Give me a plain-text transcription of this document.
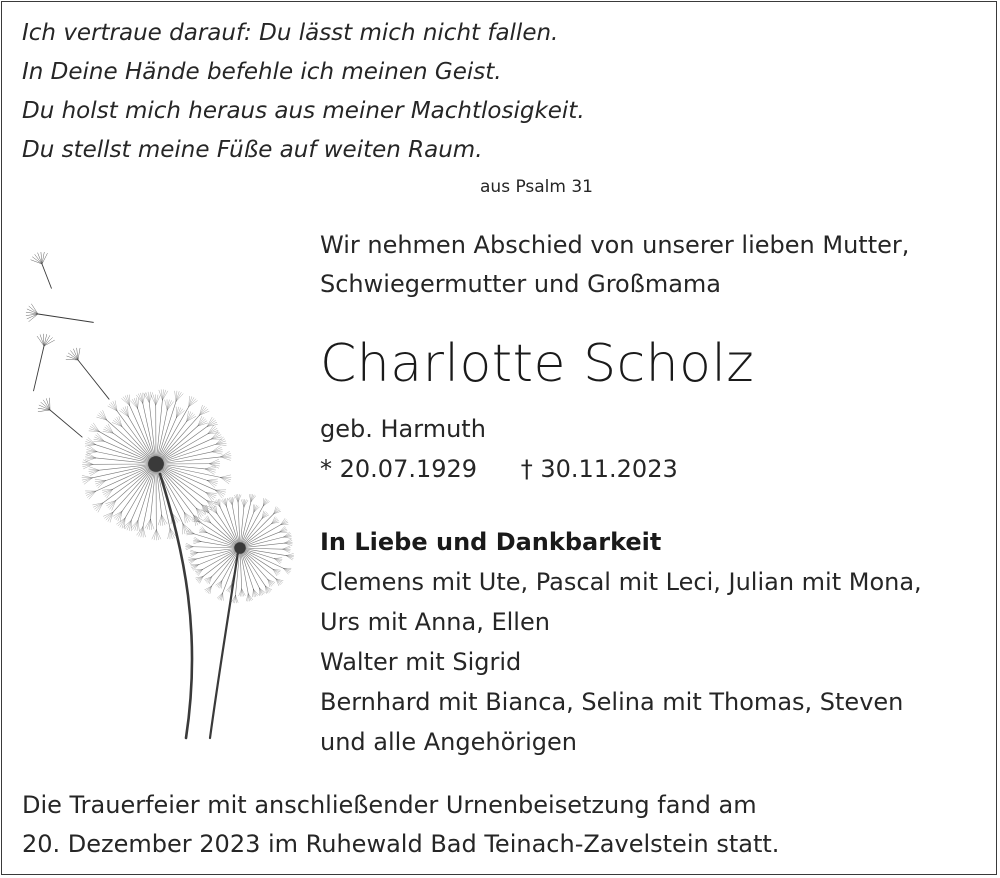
Ich vertraue darauf: Du lässt mich nicht fallen.
In Deine Hände befehle ich meinen Geist.
Du holst mich heraus aus meiner Machtlosigkeit.
Du stellst meine Füße auf weiten Raum.
aus Psalm 31
Wir nehmen Abschied von unserer lieben Mutter,
Schwiegermutter und Großmama
Charlotte Scholz
geb. Harmuth
* 20.07.1929 † 30.11.2023
In Liebe und Dankbarkeit
Clemens mit Ute, Pascal mit Leci, Julian mit Mona,
Urs mit Anna, Ellen
Walter mit Sigrid
Bernhard mit Bianca, Selina mit Thomas, Steven
und alle Angehörigen
Die Trauerfeier mit anschließender Urnenbeisetzung fand am
20. Dezember 2023 im Ruhewald Bad Teinach-Zavelstein statt.
